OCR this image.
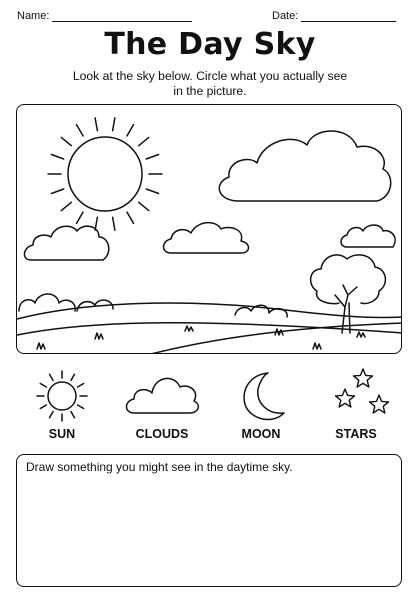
Name:	Date:
The Day Sky
Look at the sky below. Circle what you actually see
in the picture.
SUN	CLOUDS	MOON	STARS
Draw something you might see in the daytime sky.
